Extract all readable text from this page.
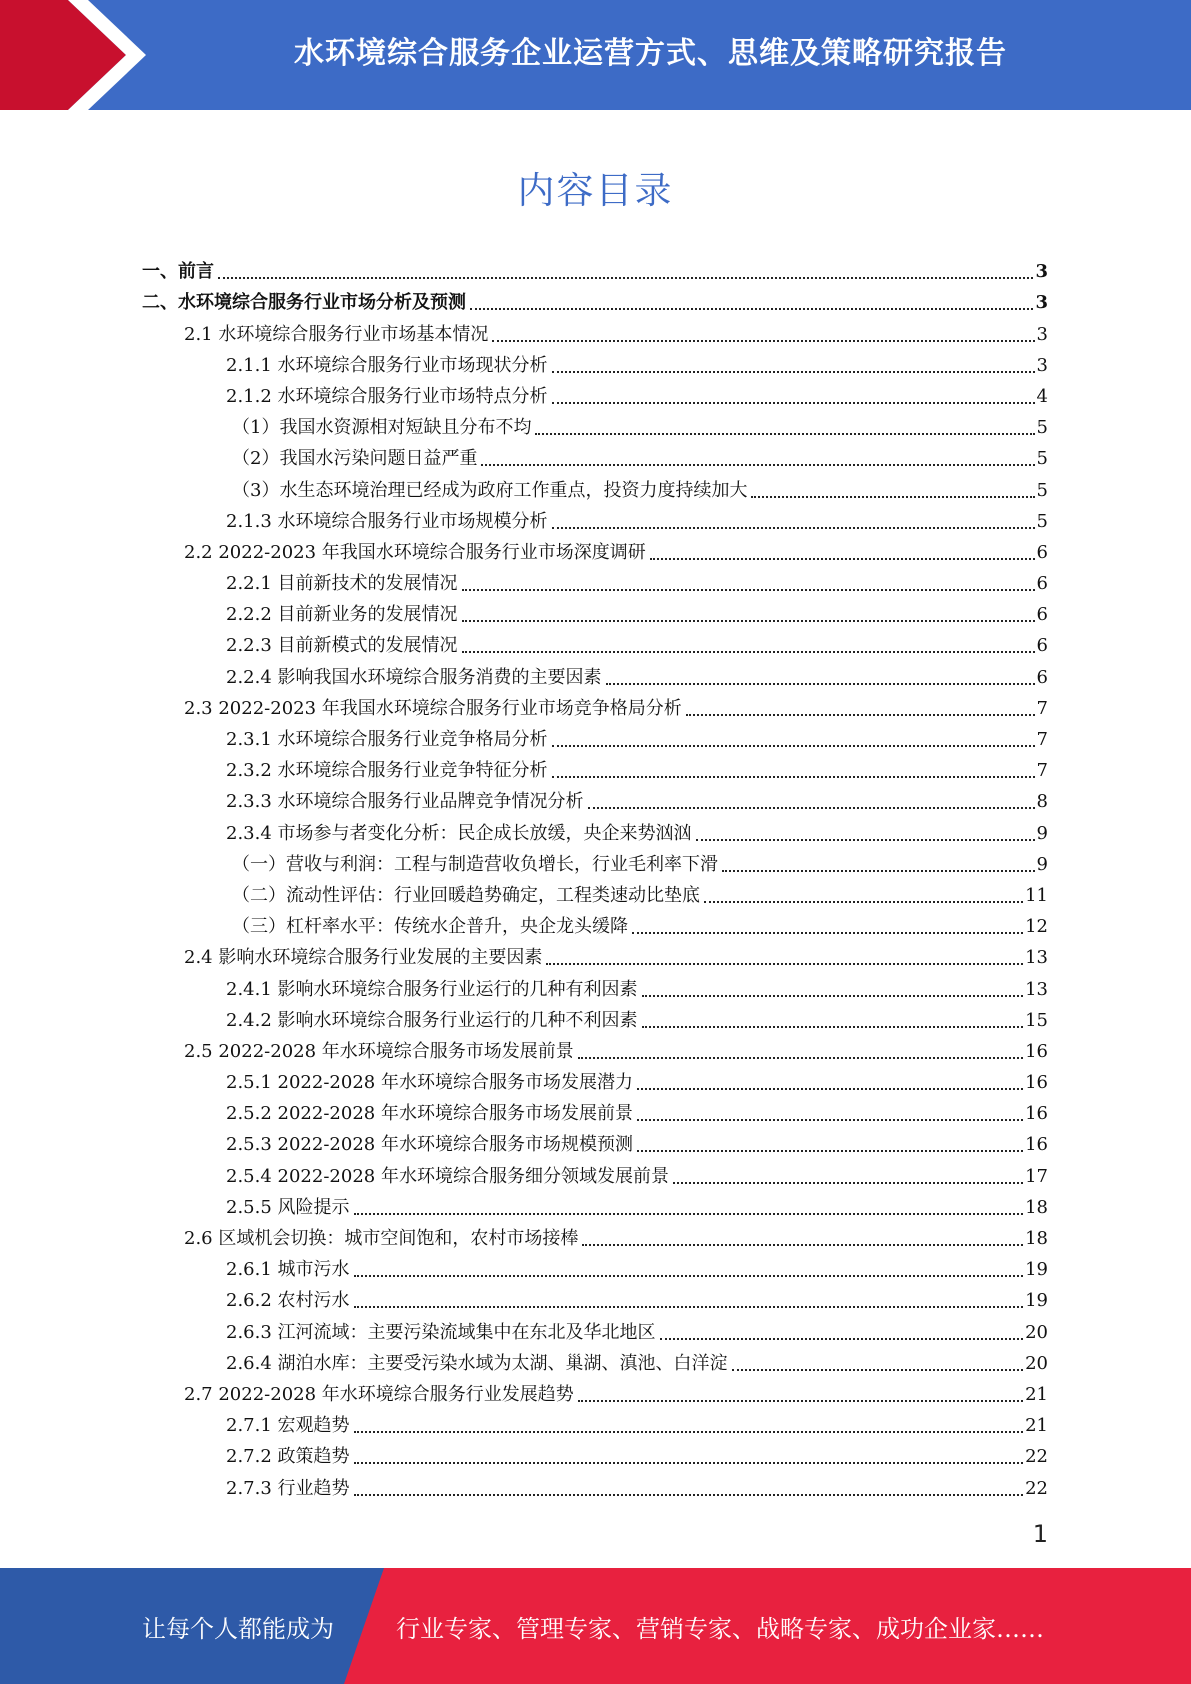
水环境综合服务企业运营方式、思维及策略研究报告
内容目录
一、前言	3
二、水环境综合服务行业市场分析及预测	3
2.1 水环境综合服务行业市场基本情况	3
2.1.1 水环境综合服务行业市场现状分析	3
2.1.2 水环境综合服务行业市场特点分析	4
（1）我国水资源相对短缺且分布不均	5
（2）我国水污染问题日益严重	5
（3）水生态环境治理已经成为政府工作重点，投资力度持续加大	5
2.1.3 水环境综合服务行业市场规模分析	5
2.2 2022-2023 年我国水环境综合服务行业市场深度调研	6
2.2.1 目前新技术的发展情况	6
2.2.2 目前新业务的发展情况	6
2.2.3 目前新模式的发展情况	6
2.2.4 影响我国水环境综合服务消费的主要因素	6
2.3 2022-2023 年我国水环境综合服务行业市场竞争格局分析	7
2.3.1 水环境综合服务行业竞争格局分析	7
2.3.2 水环境综合服务行业竞争特征分析	7
2.3.3 水环境综合服务行业品牌竞争情况分析	8
2.3.4 市场参与者变化分析：民企成长放缓，央企来势汹汹	9
（一）营收与利润：工程与制造营收负增长，行业毛利率下滑	9
（二）流动性评估：行业回暖趋势确定，工程类速动比垫底	11
（三）杠杆率水平：传统水企普升，央企龙头缓降	12
2.4 影响水环境综合服务行业发展的主要因素	13
2.4.1 影响水环境综合服务行业运行的几种有利因素	13
2.4.2 影响水环境综合服务行业运行的几种不利因素	15
2.5 2022-2028 年水环境综合服务市场发展前景	16
2.5.1 2022-2028 年水环境综合服务市场发展潜力	16
2.5.2 2022-2028 年水环境综合服务市场发展前景	16
2.5.3 2022-2028 年水环境综合服务市场规模预测	16
2.5.4 2022-2028 年水环境综合服务细分领域发展前景	17
2.5.5 风险提示	18
2.6 区域机会切换：城市空间饱和，农村市场接棒	18
2.6.1 城市污水	19
2.6.2 农村污水	19
2.6.3 江河流域：主要污染流域集中在东北及华北地区	20
2.6.4 湖泊水库：主要受污染水域为太湖、巢湖、滇池、白洋淀	20
2.7 2022-2028 年水环境综合服务行业发展趋势	21
2.7.1 宏观趋势	21
2.7.2 政策趋势	22
2.7.3 行业趋势	22
1
让每个人都能成为	行业专家、管理专家、营销专家、战略专家、成功企业家……
